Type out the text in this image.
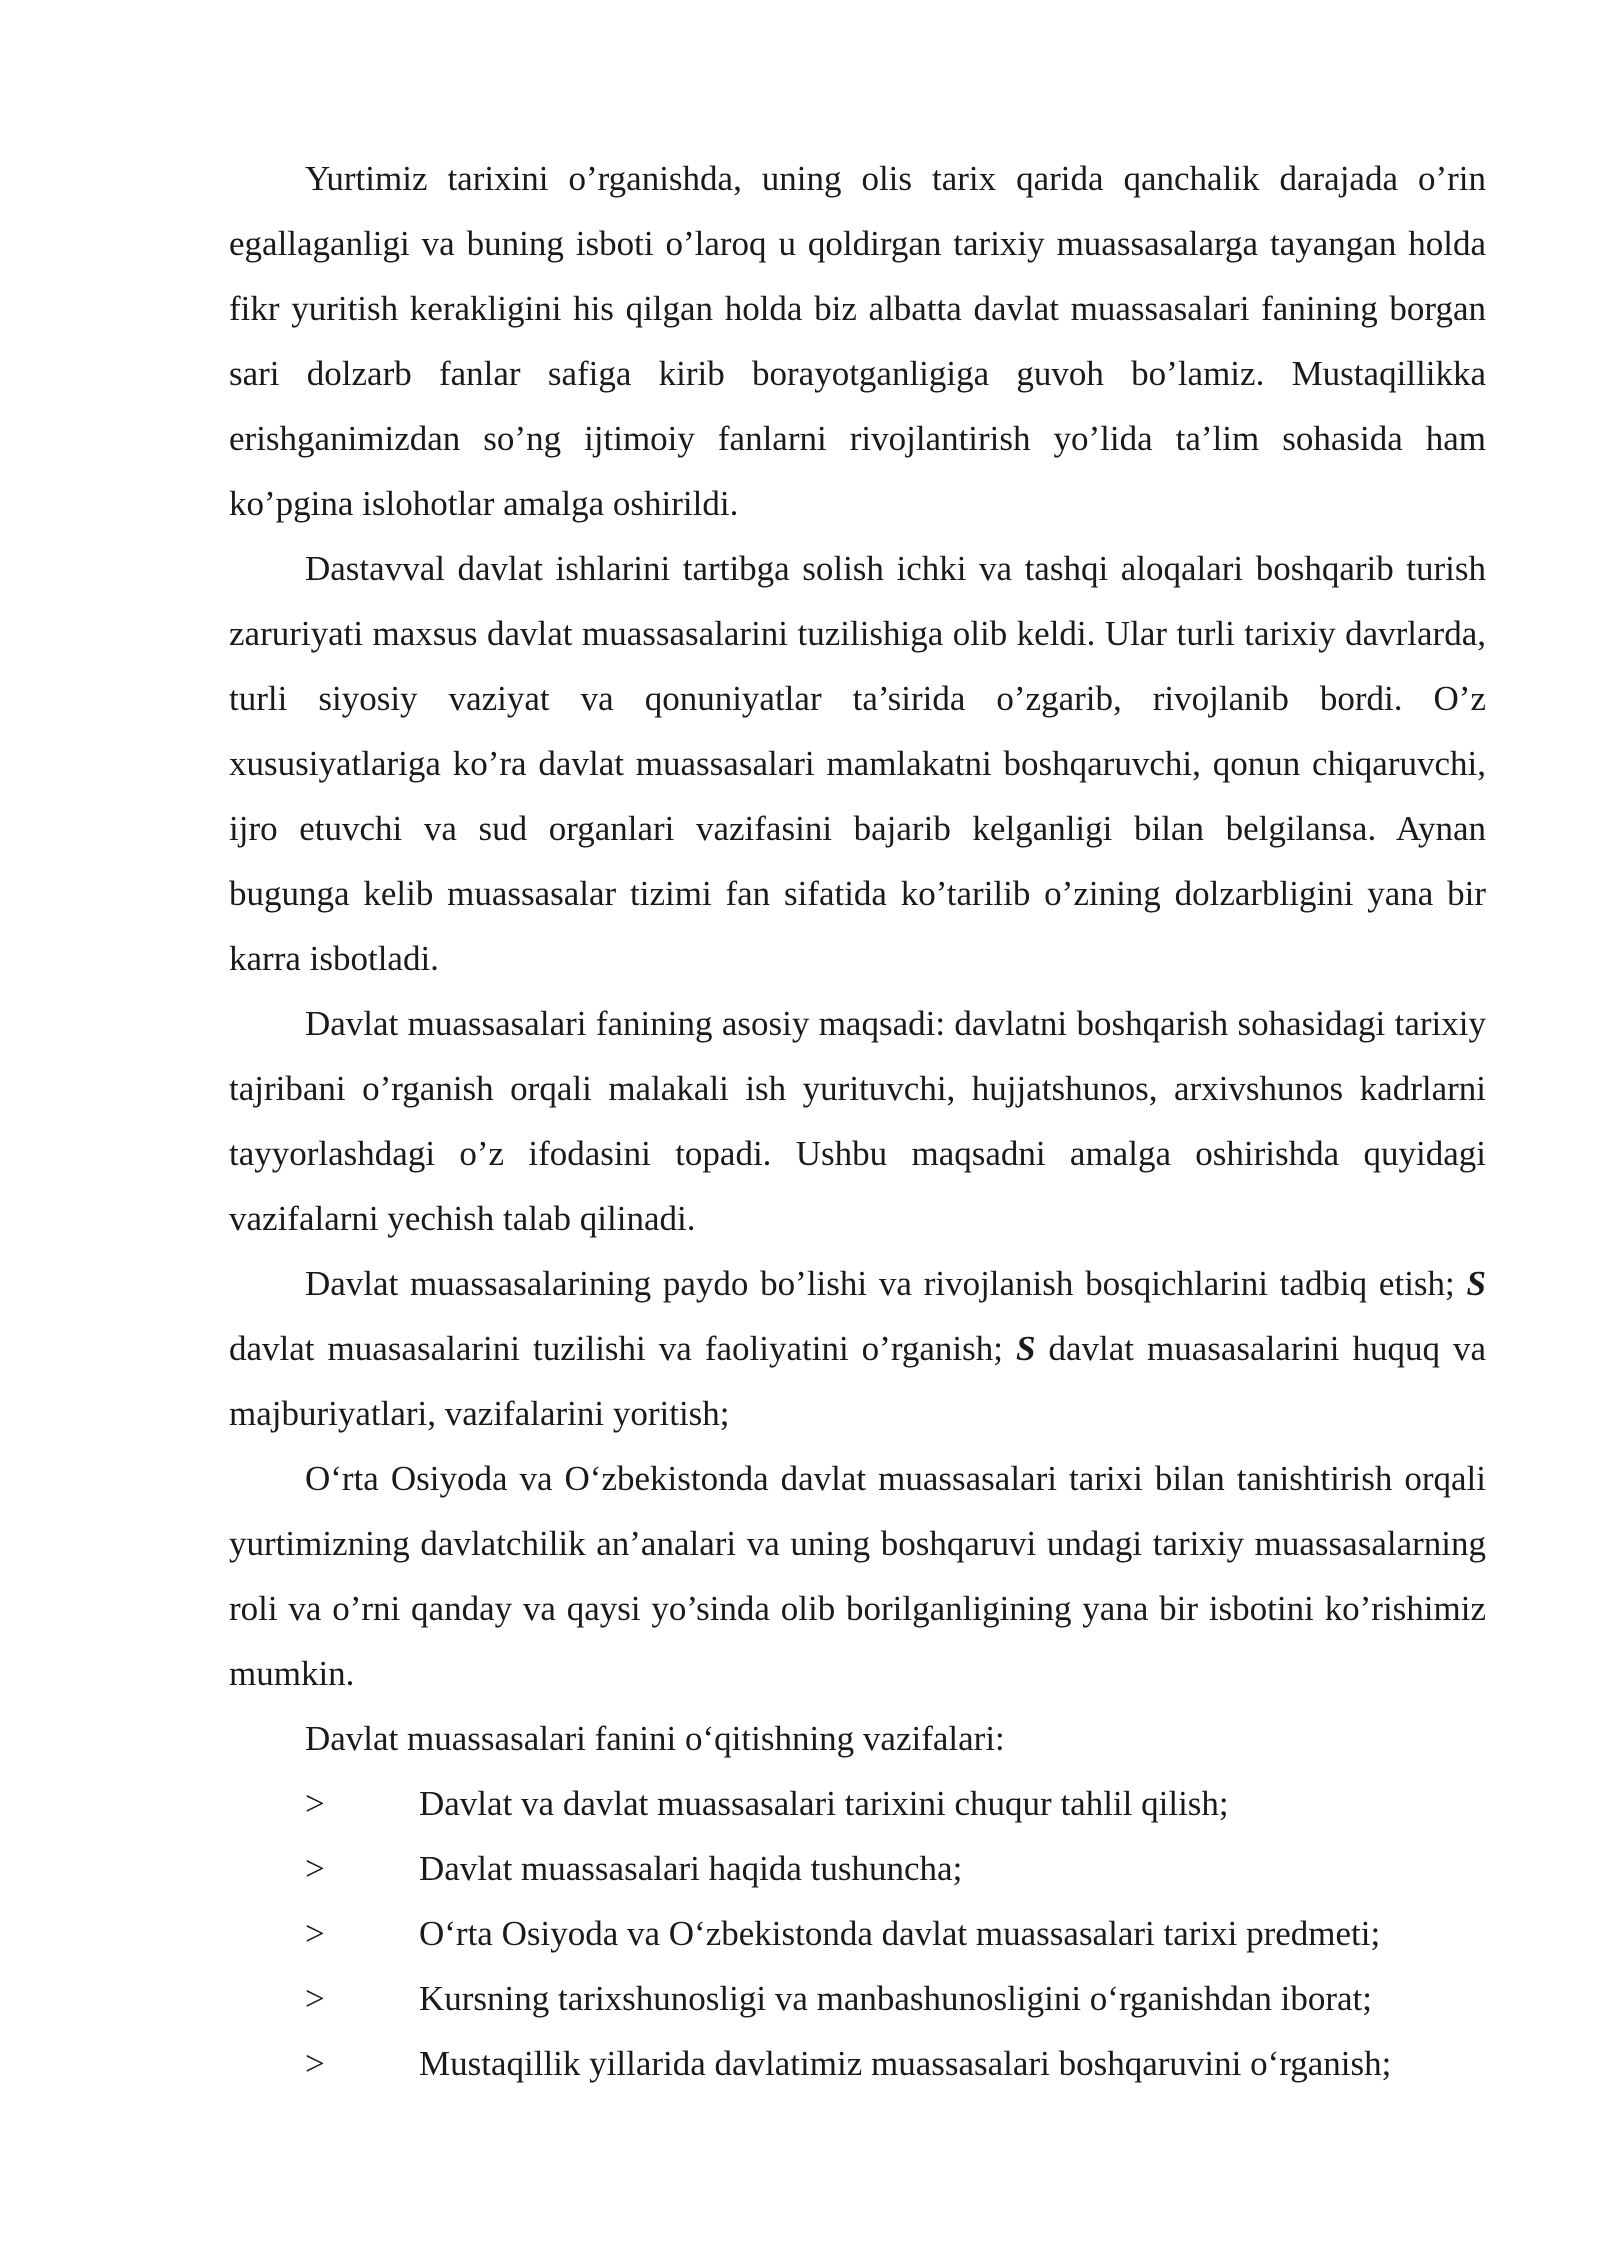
Yurtimiz tarixini o’rganishda, uning olis tarix qarida qanchalik darajada o’rin egallaganligi va buning isboti o’laroq u qoldirgan tarixiy muassasalarga tayangan holda fikr yuritish kerakligini his qilgan holda biz albatta davlat muassasalari fanining borgan sari dolzarb fanlar safiga kirib borayotganligiga guvoh bo’lamiz. Mustaqillikka erishganimizdan so’ng ijtimoiy fanlarni rivojlantirish yo’lida ta’lim sohasida ham ko’pgina islohotlar amalga oshirildi.

Dastavval davlat ishlarini tartibga solish ichki va tashqi aloqalari boshqarib turish zaruriyati maxsus davlat muassasalarini tuzilishiga olib keldi. Ular turli tarixiy davrlarda, turli siyosiy vaziyat va qonuniyatlar ta’sirida o’zgarib, rivojlanib bordi. O’z xususiyatlariga ko’ra davlat muassasalari mamlakatni boshqaruvchi, qonun chiqaruvchi, ijro etuvchi va sud organlari vazifasini bajarib kelganligi bilan belgilansa. Aynan bugunga kelib muassasalar tizimi fan sifatida ko’tarilib o’zining dolzarbligini yana bir karra isbotladi.

Davlat muassasalari fanining asosiy maqsadi: davlatni boshqarish sohasidagi tarixiy tajribani o’rganish orqali malakali ish yurituvchi, hujjatshunos, arxivshunos kadrlarni tayyorlashdagi o’z ifodasini topadi. Ushbu maqsadni amalga oshirishda quyidagi vazifalarni yechish talab qilinadi.

Davlat muassasalarining paydo bo’lishi va rivojlanish bosqichlarini tadbiq etish; S davlat muasasalarini tuzilishi va faoliyatini o’rganish; S davlat muasasalarini huquq va majburiyatlari, vazifalarini yoritish;

O‘rta Osiyoda va O‘zbekistonda davlat muassasalari tarixi bilan tanishtirish orqali yurtimizning davlatchilik an’analari va uning boshqaruvi undagi tarixiy muassasalarning roli va o’rni qanday va qaysi yo’sinda olib borilganligining yana bir isbotini ko’rishimiz mumkin.

Davlat muassasalari fanini o‘qitishning vazifalari:

>	Davlat va davlat muassasalari tarixini chuqur tahlil qilish;
>	Davlat muassasalari haqida tushuncha;
>	O‘rta Osiyoda va O‘zbekistonda davlat muassasalari tarixi predmeti;
>	Kursning tarixshunosligi va manbashunosligini o‘rganishdan iborat;
>	Mustaqillik yillarida davlatimiz muassasalari boshqaruvini o‘rganish;
